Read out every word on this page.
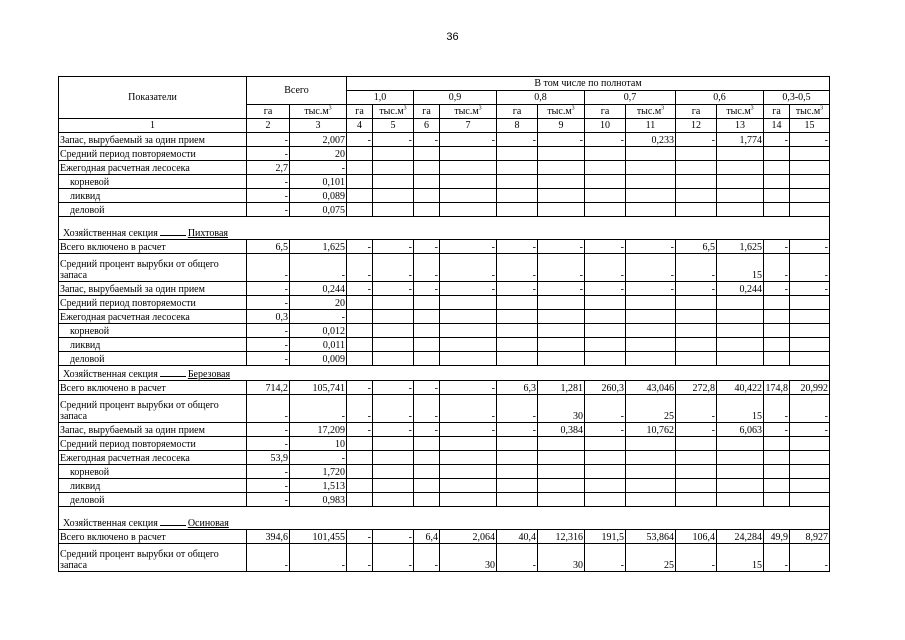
36
Показатели	Всего		В том числе по полнотам											
			1,0		0,9		0,8		0,7		0,6		0,3-0,5	
	га	$тыс.м^3$	га	$тыс.м^3$	га	$тыс.м^3$	га	$тыс.м^3$	га	$тыс.м^3$	га	$тыс.м^3$	га	$тыс.м^3$
1	2	3	4	5	6	7	8	9	10	11	12	13	14	15
Запас, вырубаемый за один прием	-	2,007	-	-	-	-	-	-	-	0,233	-	1,774	-	-
Средний период повторяемости	-	20												
Ежегодная расчетная лесосека	2,7	-												
корневой	-	0,101												
ликвид	-	0,089												
деловой	-	0,075												
Хозяйственная секция Пихтовая														
Всего включено в расчет	6,5	1,625	-	-	-	-	-	-	-	-	6,5	1,625	-	-
Средний процент вырубки от общего запаса	-	-	-	-	-	-	-	-	-	-	-	15	-	-
Запас, вырубаемый за один прием	-	0,244	-	-	-	-	-	-	-	-	-	0,244	-	-
Средний период повторяемости	-	20												
Ежегодная расчетная лесосека	0,3	-												
корневой	-	0,012												
ликвид	-	0,011												
деловой	-	0,009												
Хозяйственная секция Березовая														
Всего включено в расчет	714,2	105,741	-	-	-	-	6,3	1,281	260,3	43,046	272,8	40,422	174,8	20,992
Средний процент вырубки от общего запаса	-	-	-	-	-	-	-	30	-	25	-	15	-	-
Запас, вырубаемый за один прием	-	17,209	-	-	-	-	-	0,384	-	10,762	-	6,063	-	-
Средний период повторяемости	-	10												
Ежегодная расчетная лесосека	53,9	-												
корневой	-	1,720												
ликвид	-	1,513												
деловой	-	0,983												
Хозяйственная секция Осиновая														
Всего включено в расчет	394,6	101,455	-	-	6,4	2,064	40,4	12,316	191,5	53,864	106,4	24,284	49,9	8,927
Средний процент вырубки от общего запаса	-	-	-	-	-	30	-	30	-	25	-	15	-	-
